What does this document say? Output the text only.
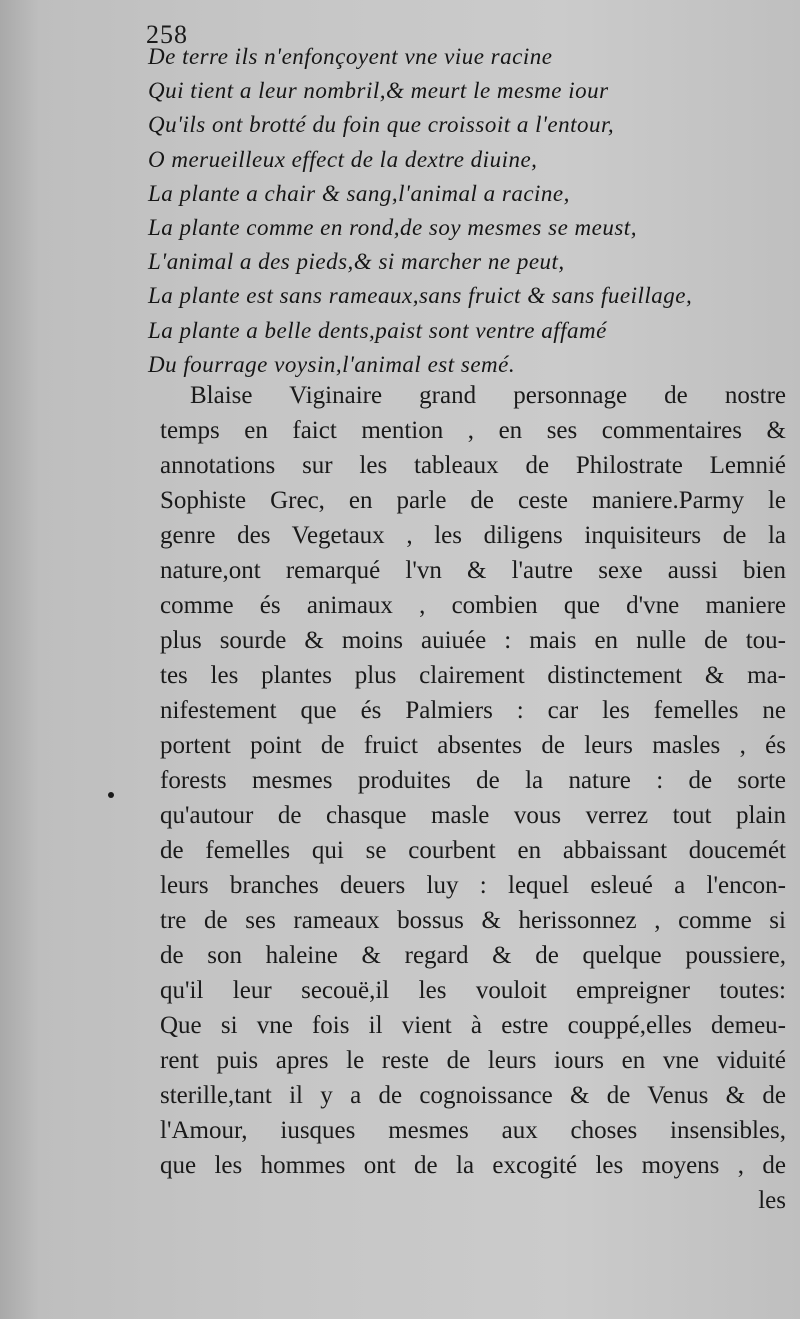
258
De terre ils n'enfonçoyent vne viue racine
Qui tient a leur nombril,& meurt le mesme iour
Qu'ils ont brotté du foin que croissoit a l'entour,
O merueilleux effect de la dextre diuine,
La plante a chair & sang,l'animal a racine,
La plante comme en rond,de soy mesmes se meust,
L'animal a des pieds,& si marcher ne peut,
La plante est sans rameaux,sans fruict & sans fueillage,
La plante a belle dents,paist sont ventre affamé
Du fourrage voysin,l'animal est semé.
Blaise Viginaire grand personnage de nostre
temps en faict mention , en ses commentaires &
annotations sur les tableaux de Philostrate Lemnié
Sophiste Grec, en parle de ceste maniere.Parmy le
genre des Vegetaux , les diligens inquisiteurs de la
nature,ont remarqué l'vn & l'autre sexe aussi bien
comme és animaux , combien que d'vne maniere
plus sourde & moins auiuée : mais en nulle de tou-
tes les plantes plus clairement distinctement & ma-
nifestement que és Palmiers : car les femelles ne
portent point de fruict absentes de leurs masles , és
forests mesmes produites de la nature : de sorte
qu'autour de chasque masle vous verrez tout plain
de femelles qui se courbent en abbaissant doucemét
leurs branches deuers luy : lequel esleué a l'encon-
tre de ses rameaux bossus & herissonnez , comme si
de son haleine & regard & de quelque poussiere,
qu'il leur secouë,il les vouloit empreigner toutes:
Que si vne fois il vient à estre couppé,elles demeu-
rent puis apres le reste de leurs iours en vne viduité
sterille,tant il y a de cognoissance & de Venus & de
l'Amour, iusques mesmes aux choses insensibles,
que les hommes ont de la excogité les moyens , de
les
